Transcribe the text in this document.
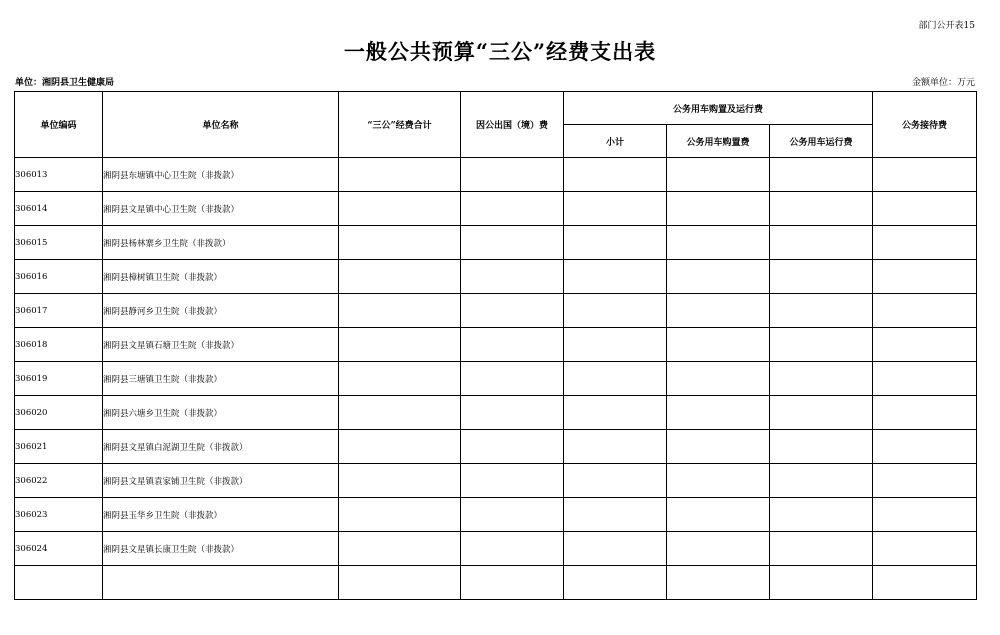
部门公开表15
一般公共预算“三公”经费支出表
单位：湘阴县卫生健康局	金额单位：万元
单位编码	单位名称	“三公”经费合计	因公出国（境）费	公务用车购置及运行费			公务接待费
				小计	公务用车购置费	公务用车运行费	
306013	湘阴县东塘镇中心卫生院（非拨款）						
306014	湘阴县文星镇中心卫生院（非拨款）						
306015	湘阴县杨林寨乡卫生院（非拨款）						
306016	湘阴县樟树镇卫生院（非拨款）						
306017	湘阴县静河乡卫生院（非拨款）						
306018	湘阴县文星镇石塘卫生院（非拨款）						
306019	湘阴县三塘镇卫生院（非拨款）						
306020	湘阴县六塘乡卫生院（非拨款）						
306021	湘阴县文星镇白泥湖卫生院（非拨款）						
306022	湘阴县文星镇袁家铺卫生院（非拨款）						
306023	湘阴县玉华乡卫生院（非拨款）						
306024	湘阴县文星镇长康卫生院（非拨款）						
